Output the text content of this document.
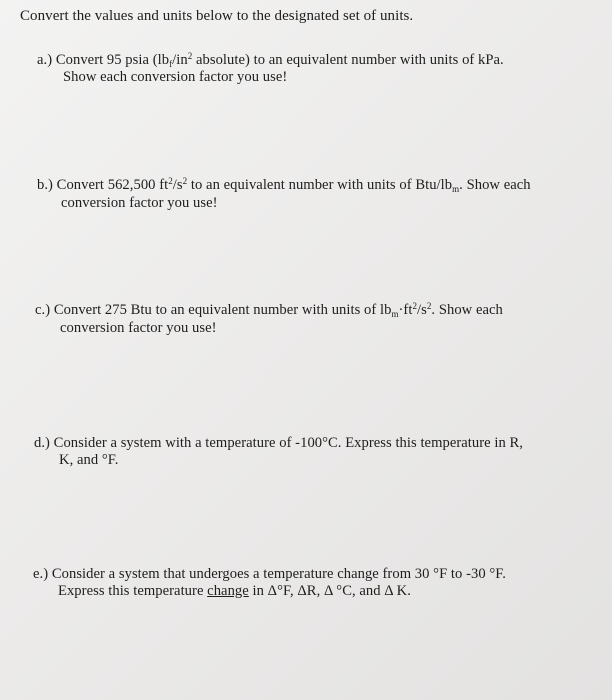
Convert the values and units below to the designated set of units.
a.) Convert 95 psia ($lb_f/in^2$ absolute) to an equivalent number with units of kPa.
Show each conversion factor you use!
b.) Convert 562,500 $ft^2/s^2$ to an equivalent number with units of Btu/$lb_m$. Show each
conversion factor you use!
c.) Convert 275 Btu to an equivalent number with units of $lb_m\cdot ft^2/s^2$. Show each
conversion factor you use!
d.) Consider a system with a temperature of -100°C. Express this temperature in R,
K, and °F.
e.) Consider a system that undergoes a temperature change from 30 °F to -30 °F.
Express this temperature change in Δ°F, ΔR, Δ °C, and Δ K.
